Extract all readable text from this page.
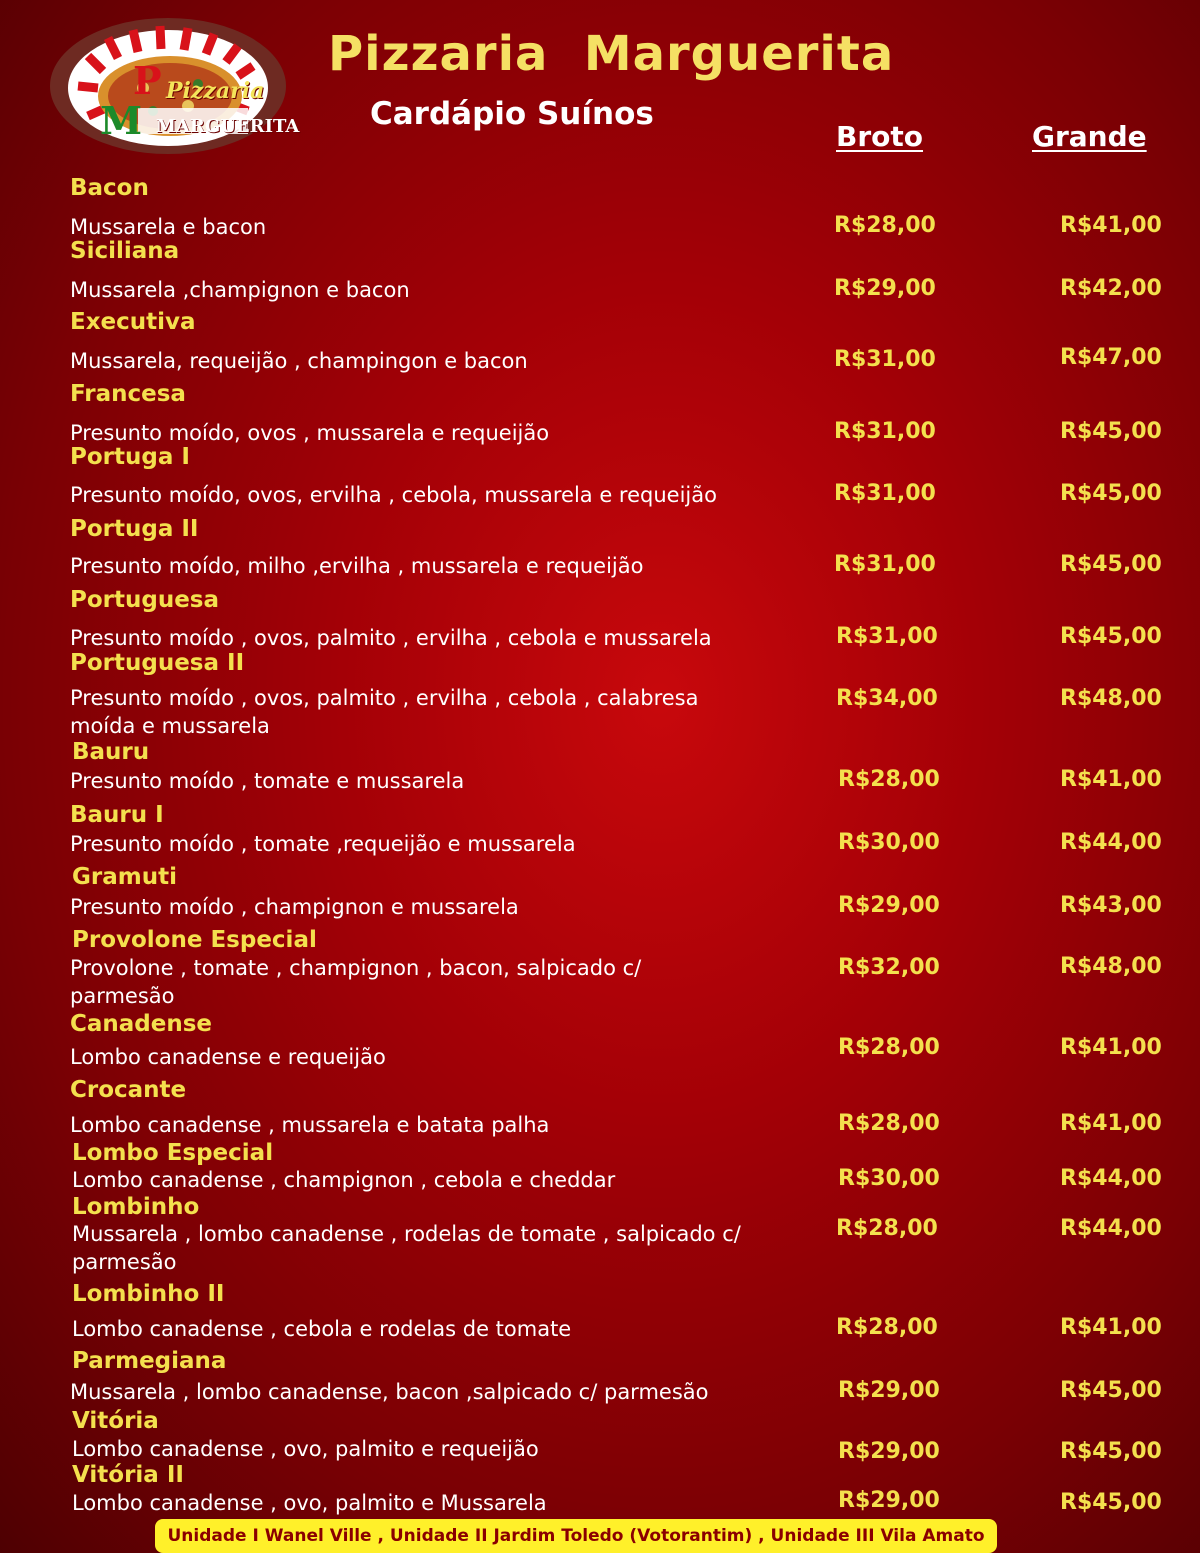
P
M
Pizzaria
MARGUERITA
Pizzaria  Marguerita
Cardápio Suínos
Broto	Grande
Bacon
Mussarela e bacon	R$28,00	R$41,00
Siciliana
Mussarela ,champignon e bacon	R$29,00	R$42,00
Executiva
Mussarela, requeijão , champingon e bacon	R$31,00	R$47,00
Francesa
Presunto moído, ovos , mussarela e requeijão	R$31,00	R$45,00
Portuga I
Presunto moído, ovos, ervilha , cebola, mussarela e requeijão	R$31,00	R$45,00
Portuga II
Presunto moído, milho ,ervilha , mussarela e requeijão	R$31,00	R$45,00
Portuguesa
Presunto moído , ovos, palmito , ervilha , cebola e mussarela	R$31,00	R$45,00
Portuguesa II
Presunto moído , ovos, palmito , ervilha , cebola , calabresa moída e mussarela
R$34,00	R$48,00
Bauru
Presunto moído , tomate e mussarela	R$28,00	R$41,00
Bauru I
Presunto moído , tomate ,requeijão e mussarela	R$30,00	R$44,00
Gramuti
Presunto moído , champignon e mussarela	R$29,00	R$43,00
Provolone Especial
Provolone , tomate , champignon , bacon, salpicado c/ parmesão
R$32,00	R$48,00
Canadense
Lombo canadense e requeijão	R$28,00	R$41,00
Crocante
Lombo canadense , mussarela e batata palha	R$28,00	R$41,00
Lombo Especial
Lombo canadense , champignon , cebola e cheddar	R$30,00	R$44,00
Lombinho
Mussarela , lombo canadense , rodelas de tomate , salpicado c/ parmesão
R$28,00	R$44,00
Lombinho II
Lombo canadense , cebola e rodelas de tomate	R$28,00	R$41,00
Parmegiana
Mussarela , lombo canadense, bacon ,salpicado c/ parmesão	R$29,00	R$45,00
Vitória
Lombo canadense , ovo, palmito e requeijão	R$29,00	R$45,00
Vitória II
Lombo canadense , ovo, palmito e Mussarela	R$29,00	R$45,00
Unidade I Wanel Ville , Unidade II Jardim Toledo (Votorantim) , Unidade III Vila Amato
